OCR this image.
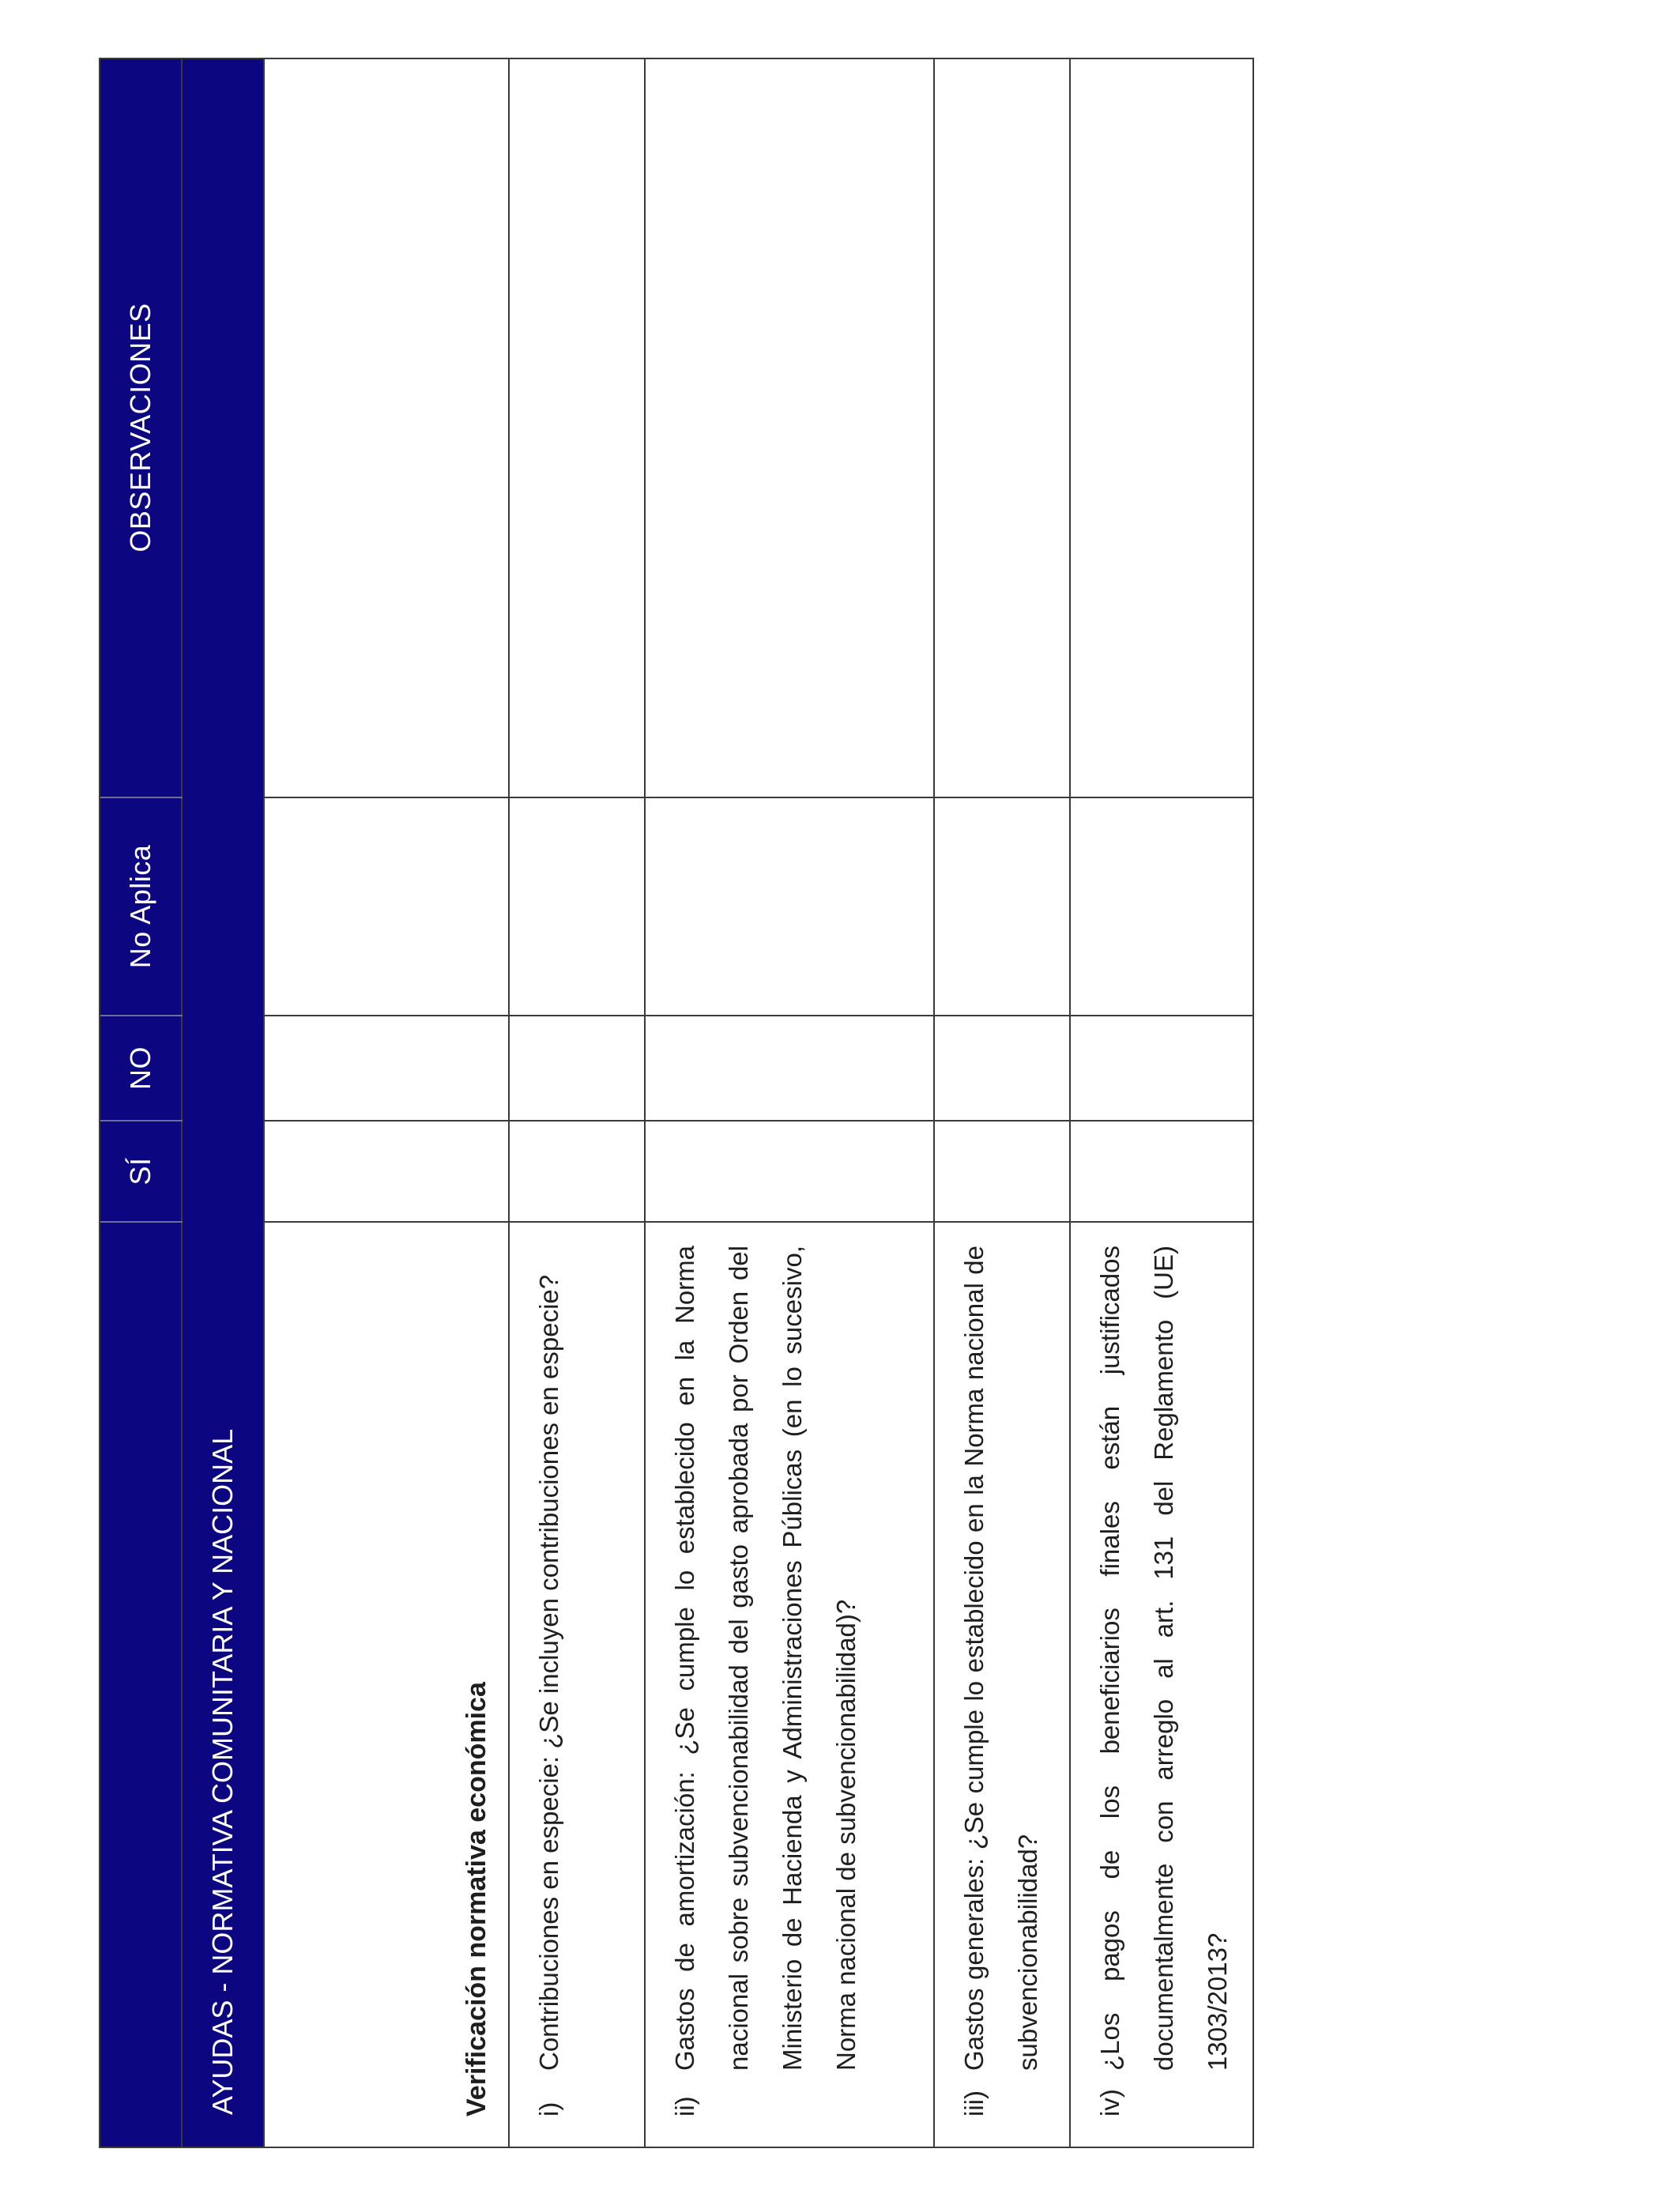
SÍ
NO
No Aplica
OBSERVACIONES
AYUDAS - NORMATIVA COMUNITARIA Y NACIONAL	Verificación normativa económica	i)
Contribuciones en especie: ¿Se incluyen contribuciones en especie?
ii)
Gastos de amortización: ¿Se cumple lo establecido en la Norma nacional sobre subvencionabilidad del gasto aprobada por Orden del Ministerio de Hacienda y Administraciones Públicas (en lo sucesivo, Norma nacional de subvencionabilidad)?
iii)
Gastos generales: ¿Se cumple lo establecido en la Norma nacional de subvencionabilidad?
iv)
¿Los pagos de los beneficiarios finales están justificados documentalmente con arreglo al art. 131 del Reglamento (UE) 1303/2013?
